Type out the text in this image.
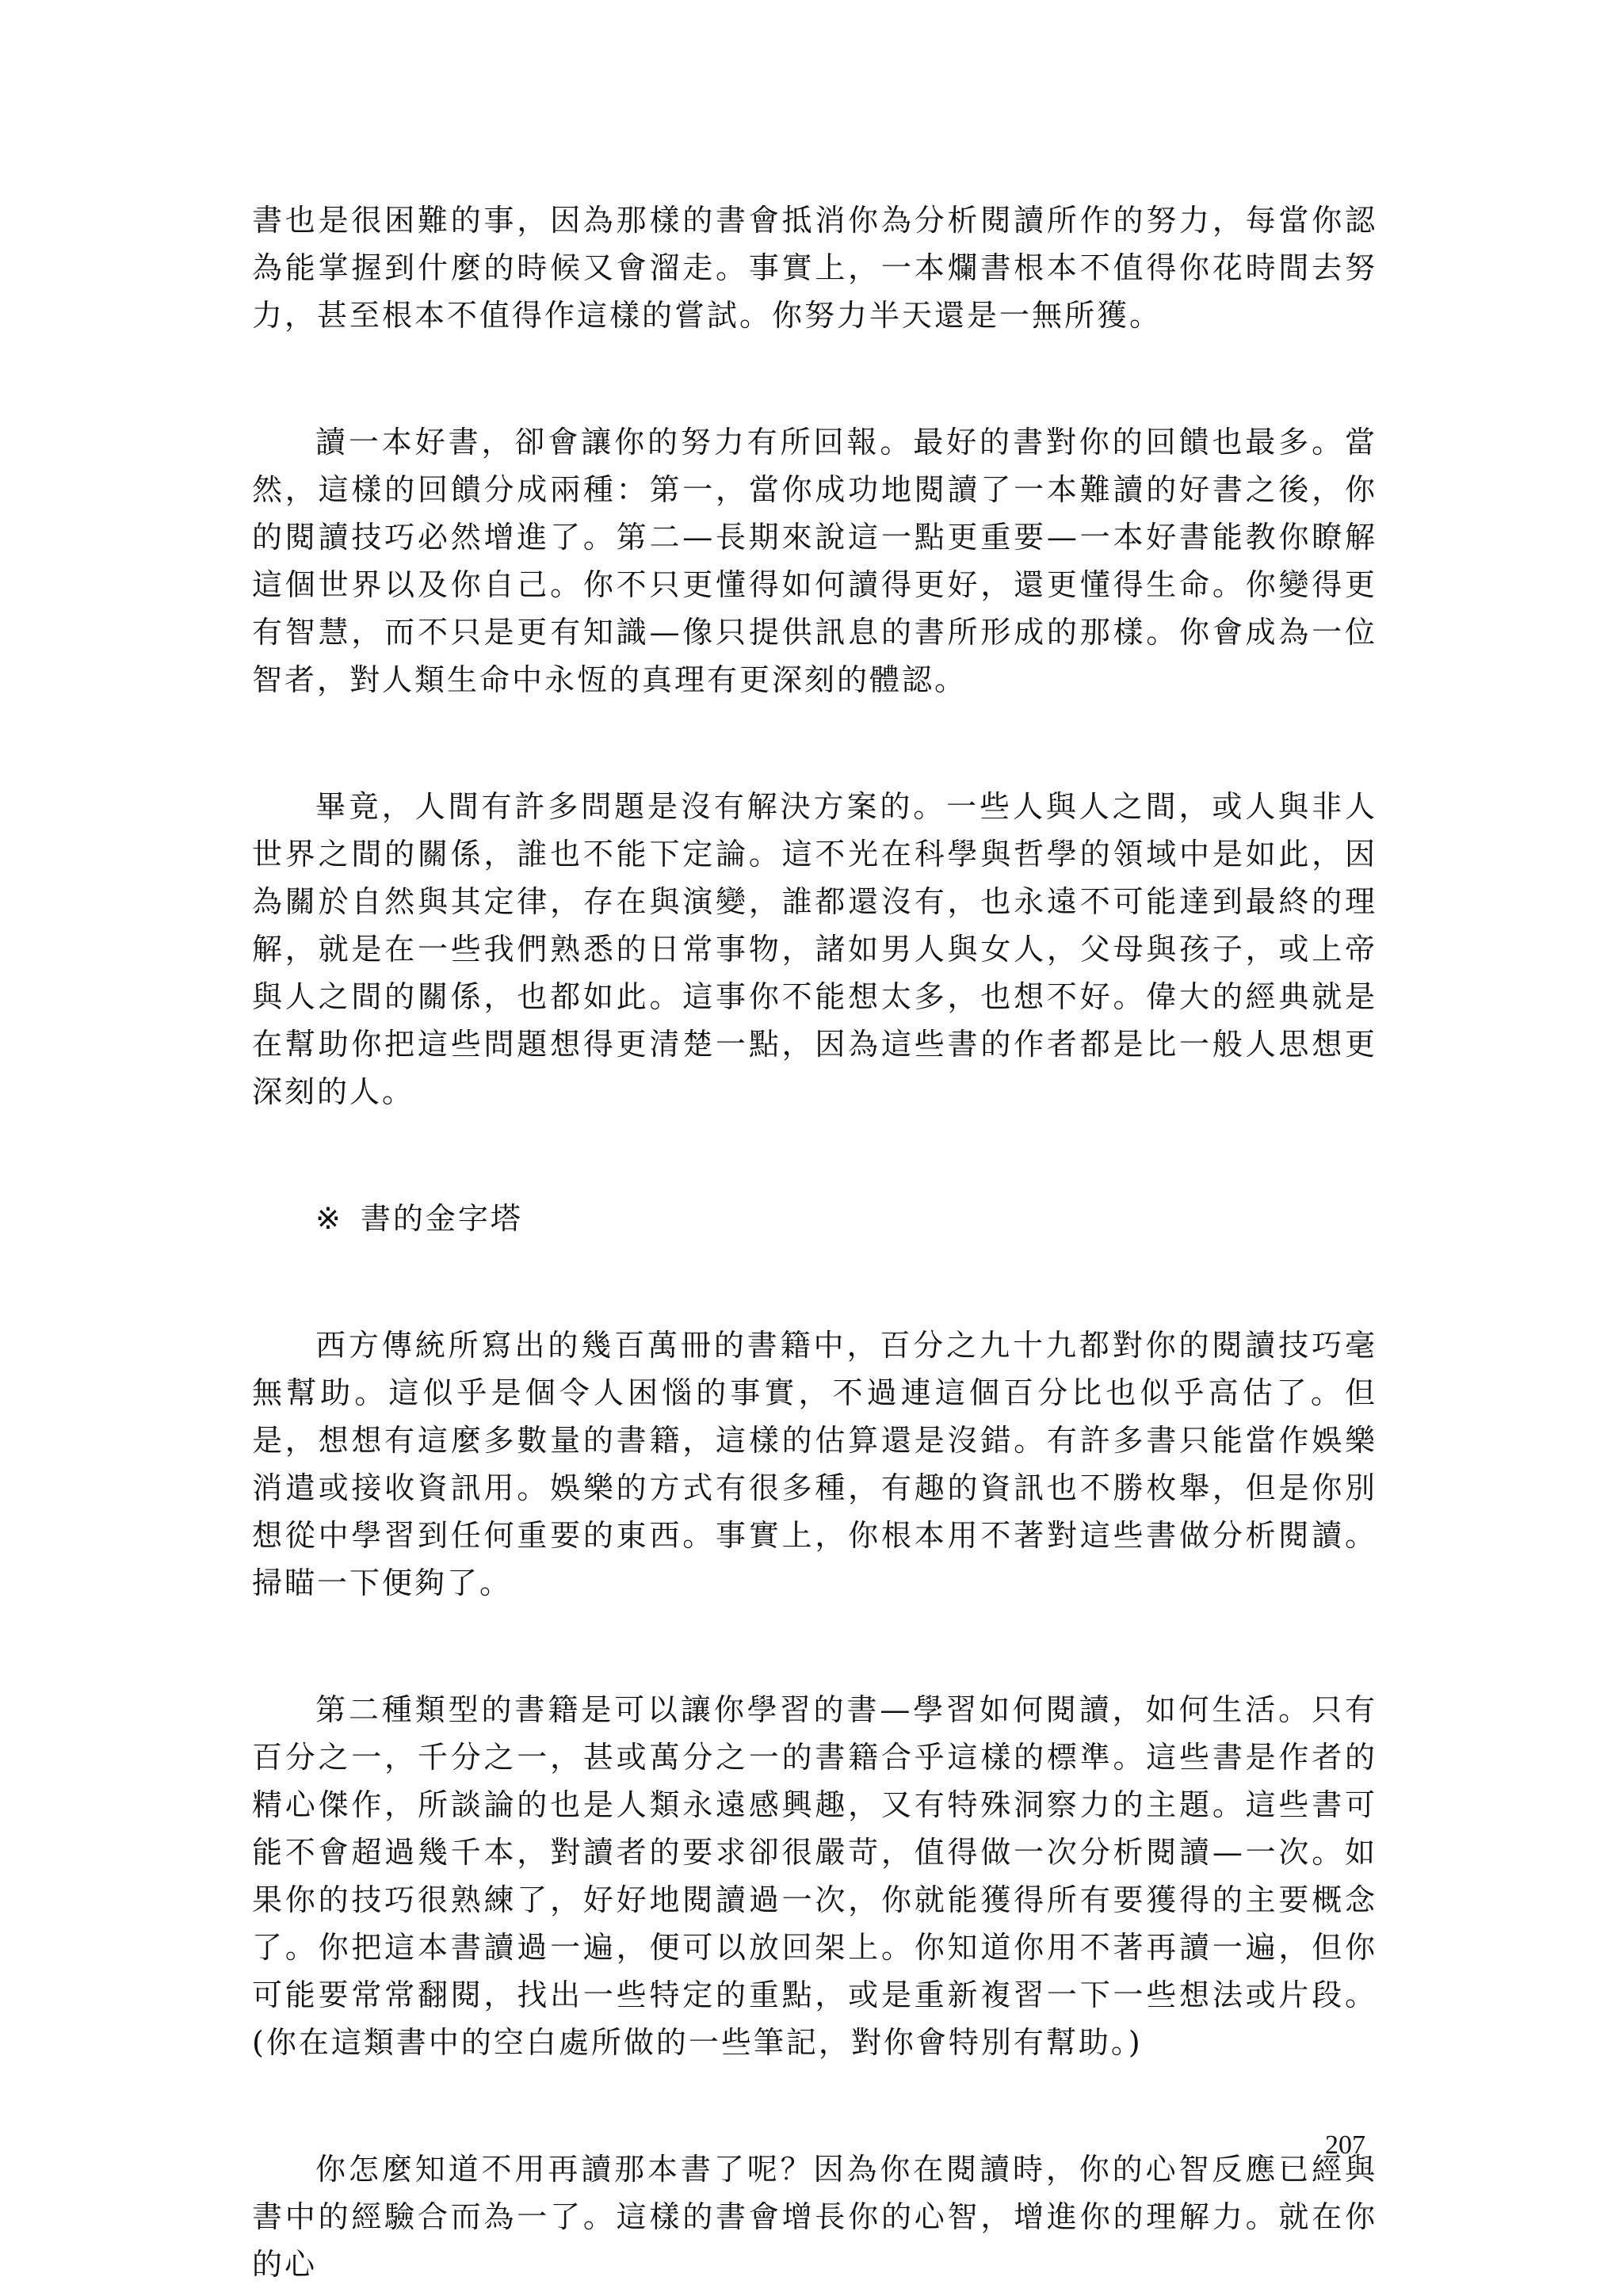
書也是很困難的事，因為那樣的書會抵消你為分析閱讀所作的努力，每當你認為能掌握到什麼的時候又會溜走。事實上，一本爛書根本不值得你花時間去努力，甚至根本不值得作這樣的嘗試。你努力半天還是一無所獲。

讀一本好書，卻會讓你的努力有所回報。最好的書對你的回饋也最多。當然，這樣的回饋分成兩種：第一，當你成功地閱讀了一本難讀的好書之後，你的閱讀技巧必然增進了。第二—長期來說這一點更重要—一本好書能教你瞭解這個世界以及你自己。你不只更懂得如何讀得更好，還更懂得生命。你變得更有智慧，而不只是更有知識—像只提供訊息的書所形成的那樣。你會成為一位智者，對人類生命中永恆的真理有更深刻的體認。

畢竟，人間有許多問題是沒有解決方案的。一些人與人之間，或人與非人世界之間的關係，誰也不能下定論。這不光在科學與哲學的領域中是如此，因為關於自然與其定律，存在與演變，誰都還沒有，也永遠不可能達到最終的理解，就是在一些我們熟悉的日常事物，諸如男人與女人，父母與孩子，或上帝與人之間的關係，也都如此。這事你不能想太多，也想不好。偉大的經典就是在幫助你把這些問題想得更清楚一點，因為這些書的作者都是比一般人思想更深刻的人。

※ 書的金字塔

西方傳統所寫出的幾百萬冊的書籍中，百分之九十九都對你的閱讀技巧毫無幫助。這似乎是個令人困惱的事實，不過連這個百分比也似乎高估了。但是，想想有這麼多數量的書籍，這樣的估算還是沒錯。有許多書只能當作娛樂消遣或接收資訊用。娛樂的方式有很多種，有趣的資訊也不勝枚舉，但是你別想從中學習到任何重要的東西。事實上，你根本用不著對這些書做分析閱讀。掃瞄一下便夠了。

第二種類型的書籍是可以讓你學習的書—學習如何閱讀，如何生活。只有百分之一，千分之一，甚或萬分之一的書籍合乎這樣的標準。這些書是作者的精心傑作，所談論的也是人類永遠感興趣，又有特殊洞察力的主題。這些書可能不會超過幾千本，對讀者的要求卻很嚴苛，值得做一次分析閱讀—一次。如果你的技巧很熟練了，好好地閱讀過一次，你就能獲得所有要獲得的主要概念了。你把這本書讀過一遍，便可以放回架上。你知道你用不著再讀一遍，但你可能要常常翻閱，找出一些特定的重點，或是重新複習一下一些想法或片段。(你在這類書中的空白處所做的一些筆記，對你會特別有幫助。)

你怎麼知道不用再讀那本書了呢？因為你在閱讀時，你的心智反應已經與書中的經驗合而為一了。這樣的書會增長你的心智，增進你的理解力。就在你的心

207
